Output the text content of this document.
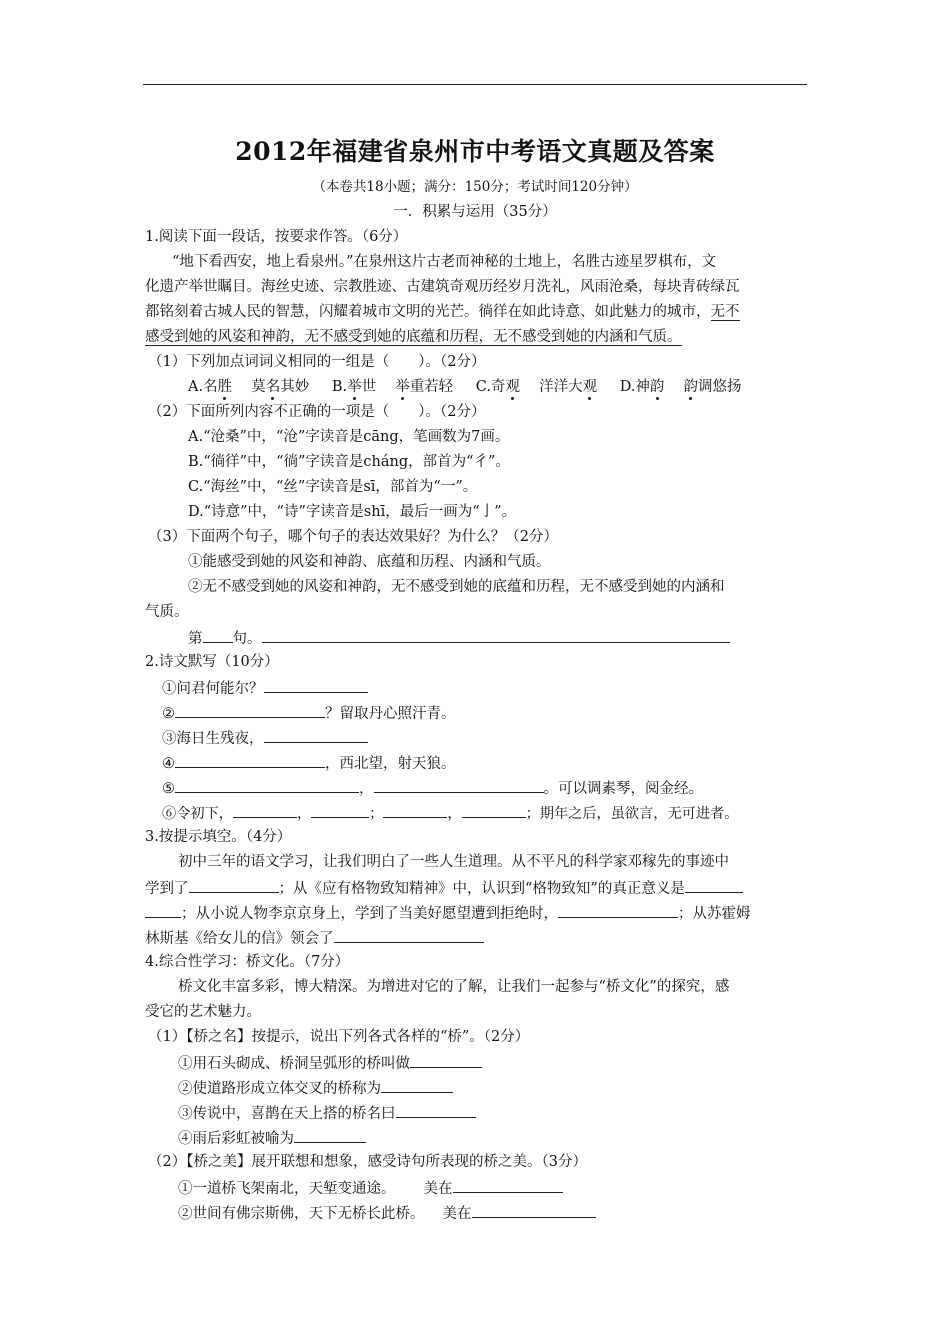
2012年福建省泉州市中考语文真题及答案
（本卷共18小题；满分：150分；考试时间120分钟）
一．积累与运用（35分）
1.阅读下面一段话，按要求作答。（6分）
“地下看西安，地上看泉州。”在泉州这片古老而神秘的土地上，名胜古迹星罗棋布，文
化遗产举世瞩目。海丝史迹、宗教胜迹、古建筑奇观历经岁月洗礼，风雨沧桑，每块青砖绿瓦
都铭刻着古城人民的智慧，闪耀着城市文明的光芒。徜徉在如此诗意、如此魅力的城市，无不
感受到她的风姿和神韵，无不感受到她的底蕴和历程，无不感受到她的内涵和气质。
（1）下列加点词词义相同的一组是（　　）。（2分）
A.名胜　 莫名其妙 B.举世　 举重若轻 C.奇观　 洋洋大观 D.神韵　 韵调悠扬
（2）下面所列内容不正确的一项是（　　）。（2分）
A.“沧桑”中，“沧”字读音是cāng，笔画数为7画。
B.“徜徉”中，“徜”字读音是cháng，部首为“彳”。
C.“海丝”中，“丝”字读音是sī，部首为“一”。
D.“诗意”中，“诗”字读音是shī，最后一画为“亅”。
（3）下面两个句子，哪个句子的表达效果好？为什么？（2分）
①能感受到她的风姿和神韵、底蕴和历程、内涵和气质。
②无不感受到她的风姿和神韵，无不感受到她的底蕴和历程，无不感受到她的内涵和
气质。
第 句。
2.诗文默写（10分）
①问君何能尔？
②	？留取丹心照汗青。
③海日生残夜，
④	，西北望，射天狼。
⑤	，	。可以调素琴，阅金经。
⑥令初下，	，	；	，	；期年之后，虽欲言，无可进者。
3.按提示填空。（4分）
初中三年的语文学习，让我们明白了一些人生道理。从不平凡的科学家邓稼先的事迹中
学到了	；从《应有格物致知精神》中，认识到“格物致知”的真正意义是
；从小说人物李京京身上，学到了当美好愿望遭到拒绝时，	；从苏霍姆
林斯基《给女儿的信》领会了
4.综合性学习：桥文化。（7分）
桥文化丰富多彩，博大精深。为增进对它的了解，让我们一起参与“桥文化”的探究，感
受它的艺术魅力。
（1）【桥之名】按提示，说出下列各式各样的“桥”。（2分）
①用石头砌成、桥洞呈弧形的桥叫做
②使道路形成立体交叉的桥称为
③传说中，喜鹊在天上搭的桥名曰
④雨后彩虹被喻为
（2）【桥之美】展开联想和想象，感受诗句所表现的桥之美。（3分）
①一道桥飞架南北，天堑变通途。 美在
②世间有佛宗斯佛，天下无桥长此桥。 美在
